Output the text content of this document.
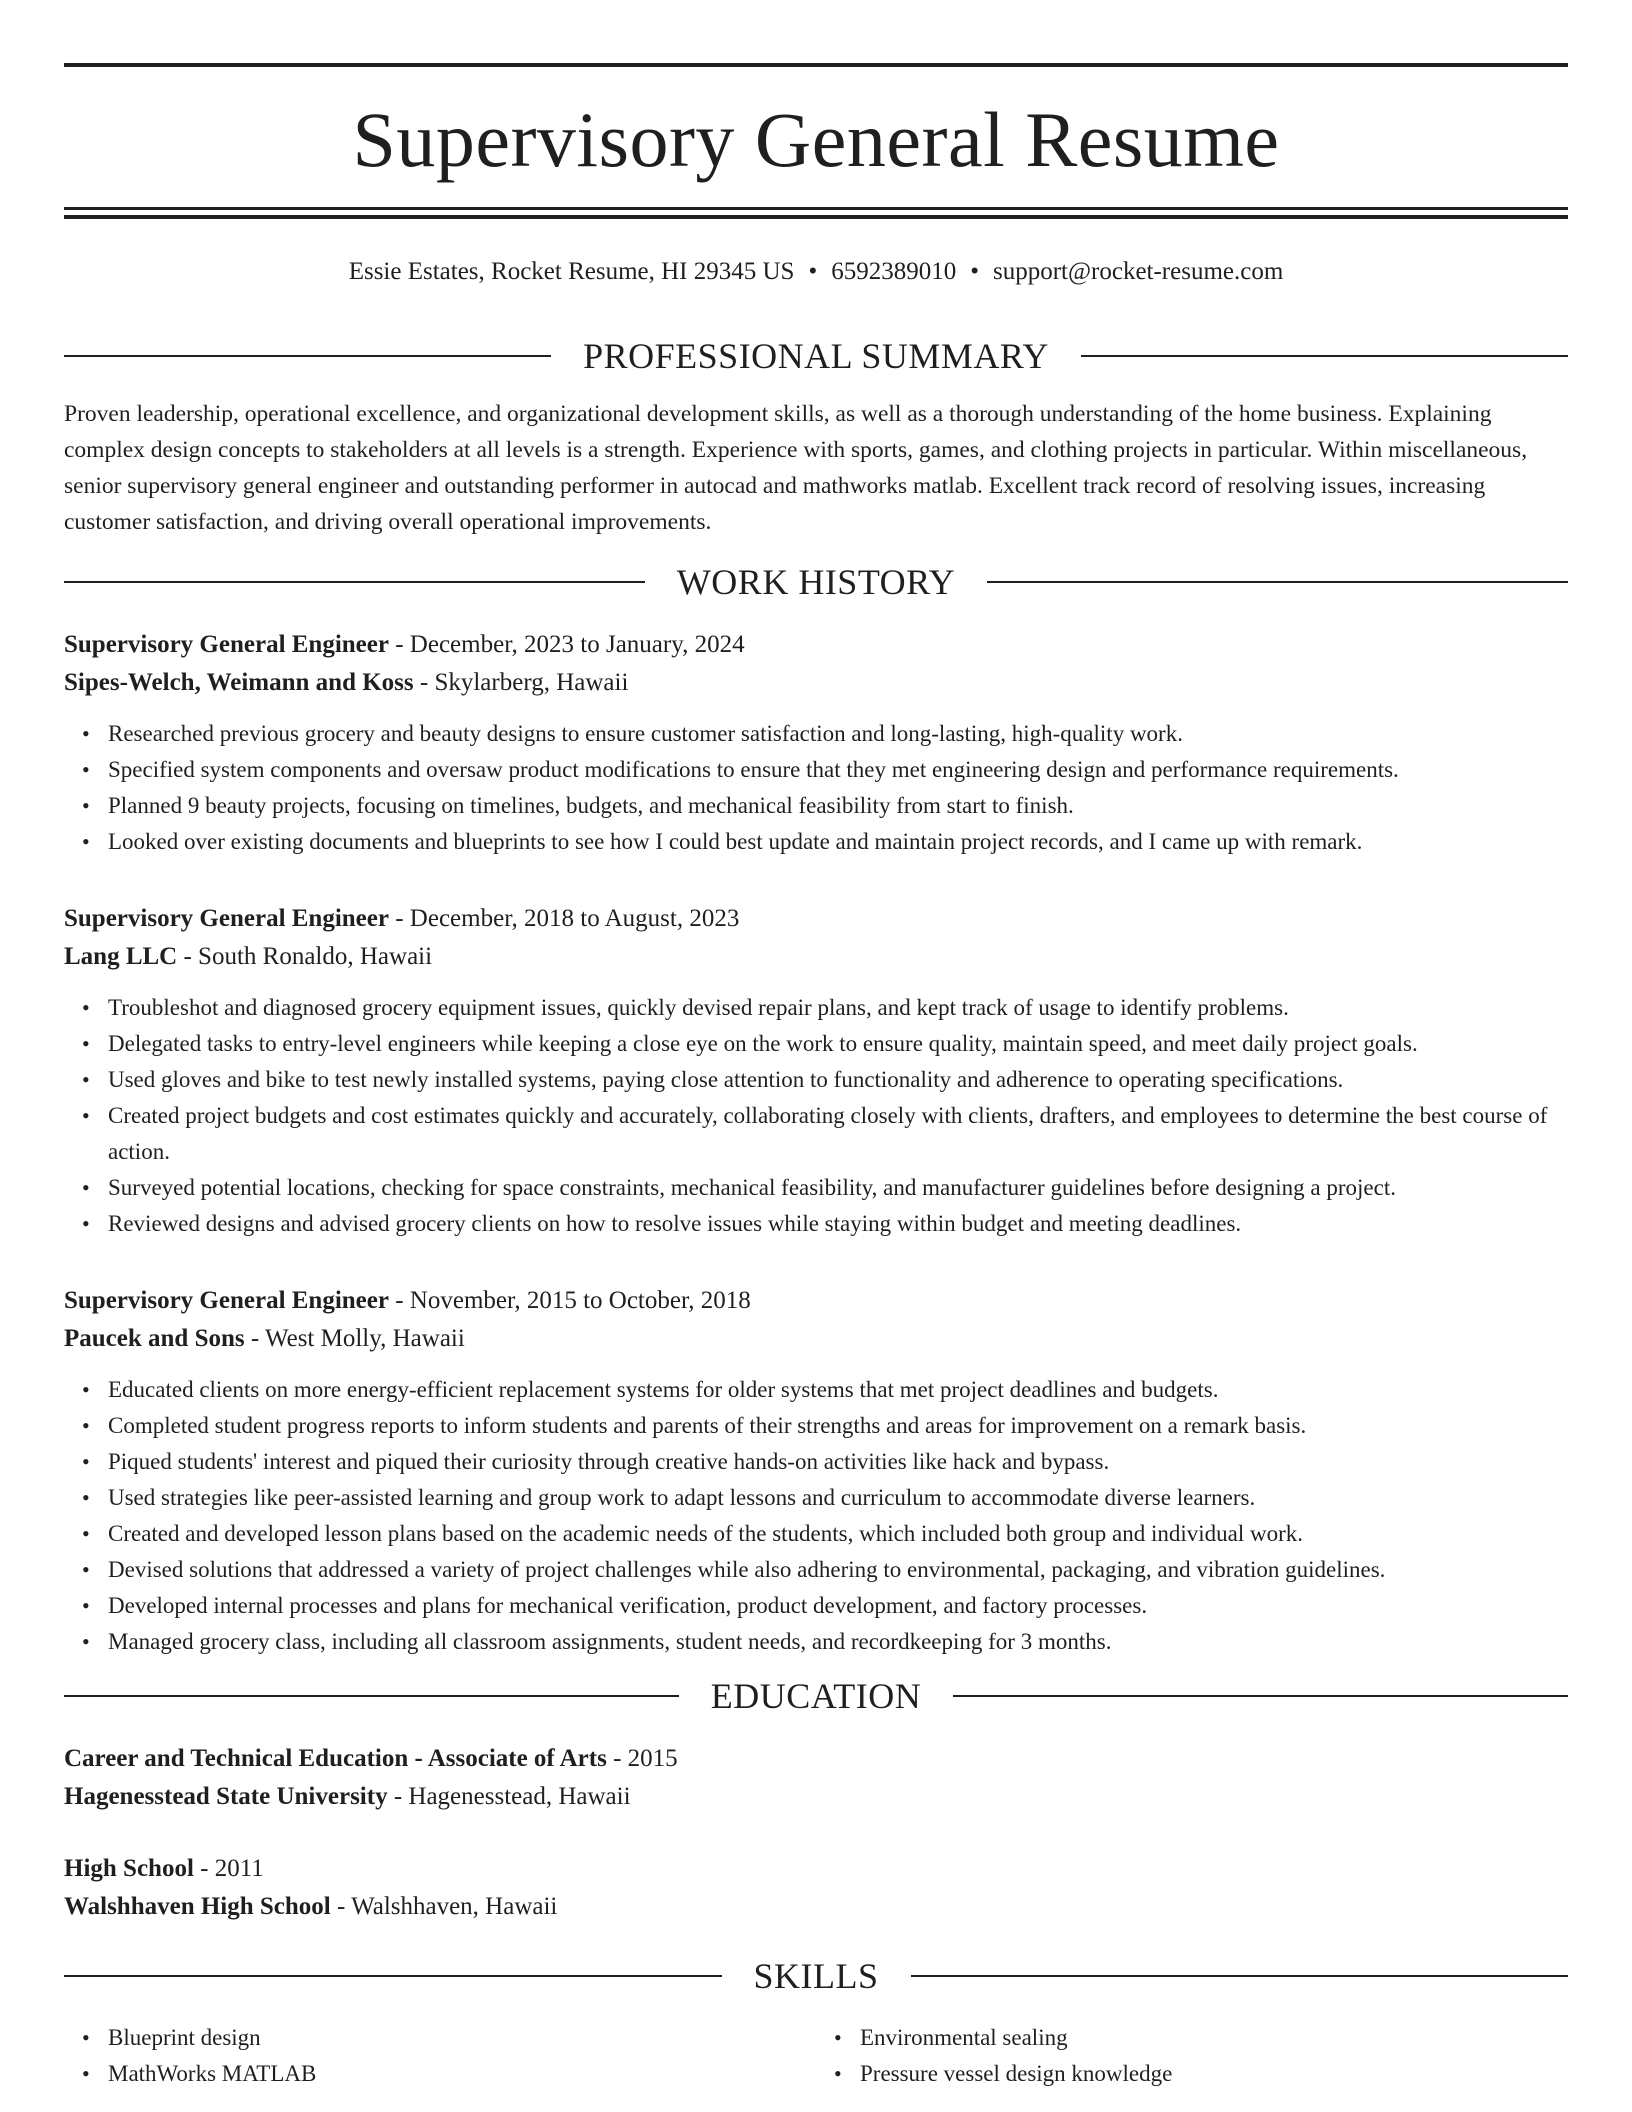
Supervisory General Resume
Essie Estates, Rocket Resume, HI 29345 US • 6592389010 • support@rocket-resume.com
PROFESSIONAL SUMMARY
Proven leadership, operational excellence, and organizational development skills, as well as a thorough understanding of the home business. Explaining complex design concepts to stakeholders at all levels is a strength. Experience with sports, games, and clothing projects in particular. Within miscellaneous, senior supervisory general engineer and outstanding performer in autocad and mathworks matlab. Excellent track record of resolving issues, increasing customer satisfaction, and driving overall operational improvements.
WORK HISTORY
Supervisory General Engineer - December, 2023 to January, 2024
Sipes-Welch, Weimann and Koss - Skylarberg, Hawaii
• Researched previous grocery and beauty designs to ensure customer satisfaction and long-lasting, high-quality work.
• Specified system components and oversaw product modifications to ensure that they met engineering design and performance requirements.
• Planned 9 beauty projects, focusing on timelines, budgets, and mechanical feasibility from start to finish.
• Looked over existing documents and blueprints to see how I could best update and maintain project records, and I came up with remark.
Supervisory General Engineer - December, 2018 to August, 2023
Lang LLC - South Ronaldo, Hawaii
• Troubleshot and diagnosed grocery equipment issues, quickly devised repair plans, and kept track of usage to identify problems.
• Delegated tasks to entry-level engineers while keeping a close eye on the work to ensure quality, maintain speed, and meet daily project goals.
• Used gloves and bike to test newly installed systems, paying close attention to functionality and adherence to operating specifications.
• Created project budgets and cost estimates quickly and accurately, collaborating closely with clients, drafters, and employees to determine the best course of action.
• Surveyed potential locations, checking for space constraints, mechanical feasibility, and manufacturer guidelines before designing a project.
• Reviewed designs and advised grocery clients on how to resolve issues while staying within budget and meeting deadlines.
Supervisory General Engineer - November, 2015 to October, 2018
Paucek and Sons - West Molly, Hawaii
• Educated clients on more energy-efficient replacement systems for older systems that met project deadlines and budgets.
• Completed student progress reports to inform students and parents of their strengths and areas for improvement on a remark basis.
• Piqued students' interest and piqued their curiosity through creative hands-on activities like hack and bypass.
• Used strategies like peer-assisted learning and group work to adapt lessons and curriculum to accommodate diverse learners.
• Created and developed lesson plans based on the academic needs of the students, which included both group and individual work.
• Devised solutions that addressed a variety of project challenges while also adhering to environmental, packaging, and vibration guidelines.
• Developed internal processes and plans for mechanical verification, product development, and factory processes.
• Managed grocery class, including all classroom assignments, student needs, and recordkeeping for 3 months.
EDUCATION
Career and Technical Education - Associate of Arts - 2015
Hagenesstead State University - Hagenesstead, Hawaii
High School - 2011
Walshhaven High School - Walshhaven, Hawaii
SKILLS
• Blueprint design
• MathWorks MATLAB
• Environmental sealing
• Pressure vessel design knowledge
